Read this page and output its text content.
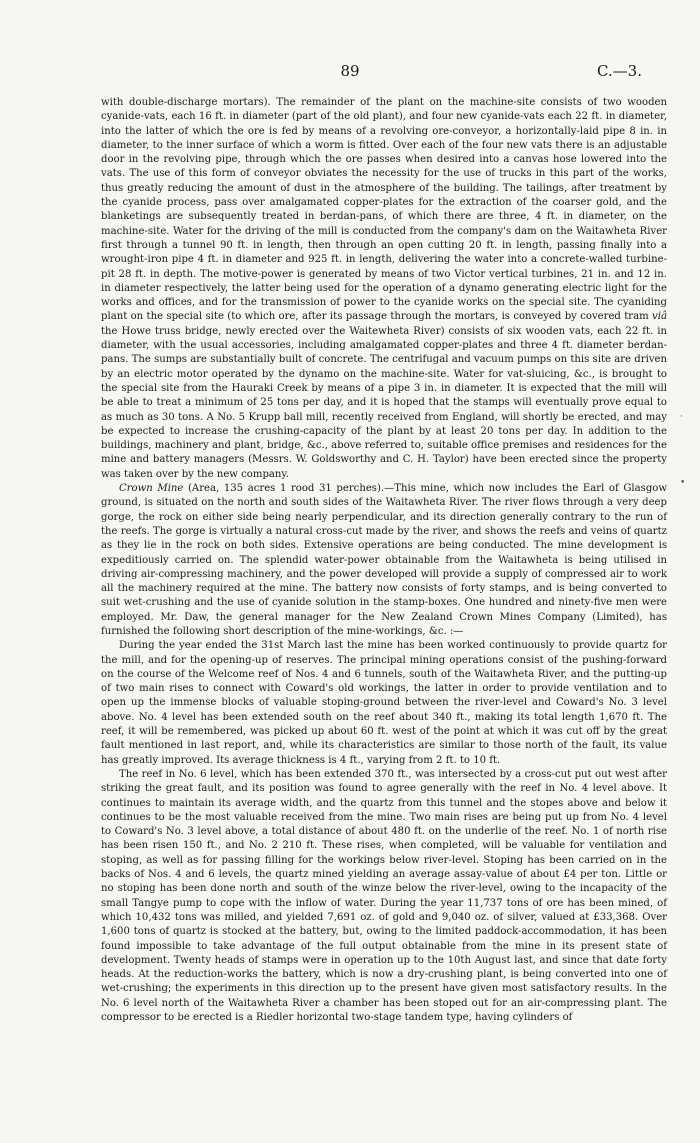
89	C.—3.

with double-discharge mortars). The remainder of the plant on the machine-site consists of two wooden cyanide-vats, each 16 ft. in diameter (part of the old plant), and four new cyanide-vats each 22 ft. in diameter, into the latter of which the ore is fed by means of a revolving ore-conveyor, a horizontally-laid pipe 8 in. in diameter, to the inner surface of which a worm is fitted. Over each of the four new vats there is an adjustable door in the revolving pipe, through which the ore passes when desired into a canvas hose lowered into the vats. The use of this form of conveyor obviates the necessity for the use of trucks in this part of the works, thus greatly reducing the amount of dust in the atmosphere of the building. The tailings, after treatment by the cyanide process, pass over amalgamated copper-plates for the extraction of the coarser gold, and the blanketings are subsequently treated in berdan-pans, of which there are three, 4 ft. in diameter, on the machine-site. Water for the driving of the mill is conducted from the company's dam on the Waitawheta River first through a tunnel 90 ft. in length, then through an open cutting 20 ft. in length, passing finally into a wrought-iron pipe 4 ft. in diameter and 925 ft. in length, delivering the water into a concrete-walled turbine-pit 28 ft. in depth. The motive-power is generated by means of two Victor vertical turbines, 21 in. and 12 in. in diameter respectively, the latter being used for the operation of a dynamo generating electric light for the works and offices, and for the transmission of power to the cyanide works on the special site. The cyaniding plant on the special site (to which ore, after its passage through the mortars, is conveyed by covered tram viâ the Howe truss bridge, newly erected over the Waitewheta River) consists of six wooden vats, each 22 ft. in diameter, with the usual accessories, including amalgamated copper-plates and three 4 ft. diameter berdan-pans. The sumps are substantially built of concrete. The centrifugal and vacuum pumps on this site are driven by an electric motor operated by the dynamo on the machine-site. Water for vat-sluicing, &c., is brought to the special site from the Hauraki Creek by means of a pipe 3 in. in diameter. It is expected that the mill will be able to treat a minimum of 25 tons per day, and it is hoped that the stamps will eventually prove equal to as much as 30 tons. A No. 5 Krupp ball mill, recently received from England, will shortly be erected, and may be expected to increase the crushing-capacity of the plant by at least 20 tons per day. In addition to the buildings, machinery and plant, bridge, &c., above referred to, suitable office premises and residences for the mine and battery managers (Messrs. W. Goldsworthy and C. H. Taylor) have been erected since the property was taken over by the new company.

Crown Mine (Area, 135 acres 1 rood 31 perches).—This mine, which now includes the Earl of Glasgow ground, is situated on the north and south sides of the Waitawheta River. The river flows through a very deep gorge, the rock on either side being nearly perpendicular, and its direction generally contrary to the run of the reefs. The gorge is virtually a natural cross-cut made by the river, and shows the reefs and veins of quartz as they lie in the rock on both sides. Extensive operations are being conducted. The mine development is expeditiously carried on. The splendid water-power obtainable from the Waitawheta is being utilised in driving air-compressing machinery, and the power developed will provide a supply of compressed air to work all the machinery required at the mine. The battery now consists of forty stamps, and is being converted to suit wet-crushing and the use of cyanide solution in the stamp-boxes. One hundred and ninety-five men were employed. Mr. Daw, the general manager for the New Zealand Crown Mines Company (Limited), has furnished the following short description of the mine-workings, &c. :—

During the year ended the 31st March last the mine has been worked continuously to provide quartz for the mill, and for the opening-up of reserves. The principal mining operations consist of the pushing-forward on the course of the Welcome reef of Nos. 4 and 6 tunnels, south of the Waitawheta River, and the putting-up of two main rises to connect with Coward's old workings, the latter in order to provide ventilation and to open up the immense blocks of valuable stoping-ground between the river-level and Coward's No. 3 level above. No. 4 level has been extended south on the reef about 340 ft., making its total length 1,670 ft. The reef, it will be remembered, was picked up about 60 ft. west of the point at which it was cut off by the great fault mentioned in last report, and, while its characteristics are similar to those north of the fault, its value has greatly improved. Its average thickness is 4 ft., varying from 2 ft. to 10 ft.

The reef in No. 6 level, which has been extended 370 ft., was intersected by a cross-cut put out west after striking the great fault, and its position was found to agree generally with the reef in No. 4 level above. It continues to maintain its average width, and the quartz from this tunnel and the stopes above and below it continues to be the most valuable received from the mine. Two main rises are being put up from No. 4 level to Coward's No. 3 level above, a total distance of about 480 ft. on the underlie of the reef. No. 1 of north rise has been risen 150 ft., and No. 2 210 ft. These rises, when completed, will be valuable for ventilation and stoping, as well as for passing filling for the workings below river-level. Stoping has been carried on in the backs of Nos. 4 and 6 levels, the quartz mined yielding an average assay-value of about £4 per ton. Little or no stoping has been done north and south of the winze below the river-level, owing to the incapacity of the small Tangye pump to cope with the inflow of water. During the year 11,737 tons of ore has been mined, of which 10,432 tons was milled, and yielded 7,691 oz. of gold and 9,040 oz. of silver, valued at £33,368. Over 1,600 tons of quartz is stocked at the battery, but, owing to the limited paddock-accommodation, it has been found impossible to take advantage of the full output obtainable from the mine in its present state of development. Twenty heads of stamps were in operation up to the 10th August last, and since that date forty heads. At the reduction-works the battery, which is now a dry-crushing plant, is being converted into one of wet-crushing; the experiments in this direction up to the present have given most satisfactory results. In the No. 6 level north of the Waitawheta River a chamber has been stoped out for an air-compressing plant. The compressor to be erected is a Riedler horizontal two-stage tandem type, having cylinders of

·
•
